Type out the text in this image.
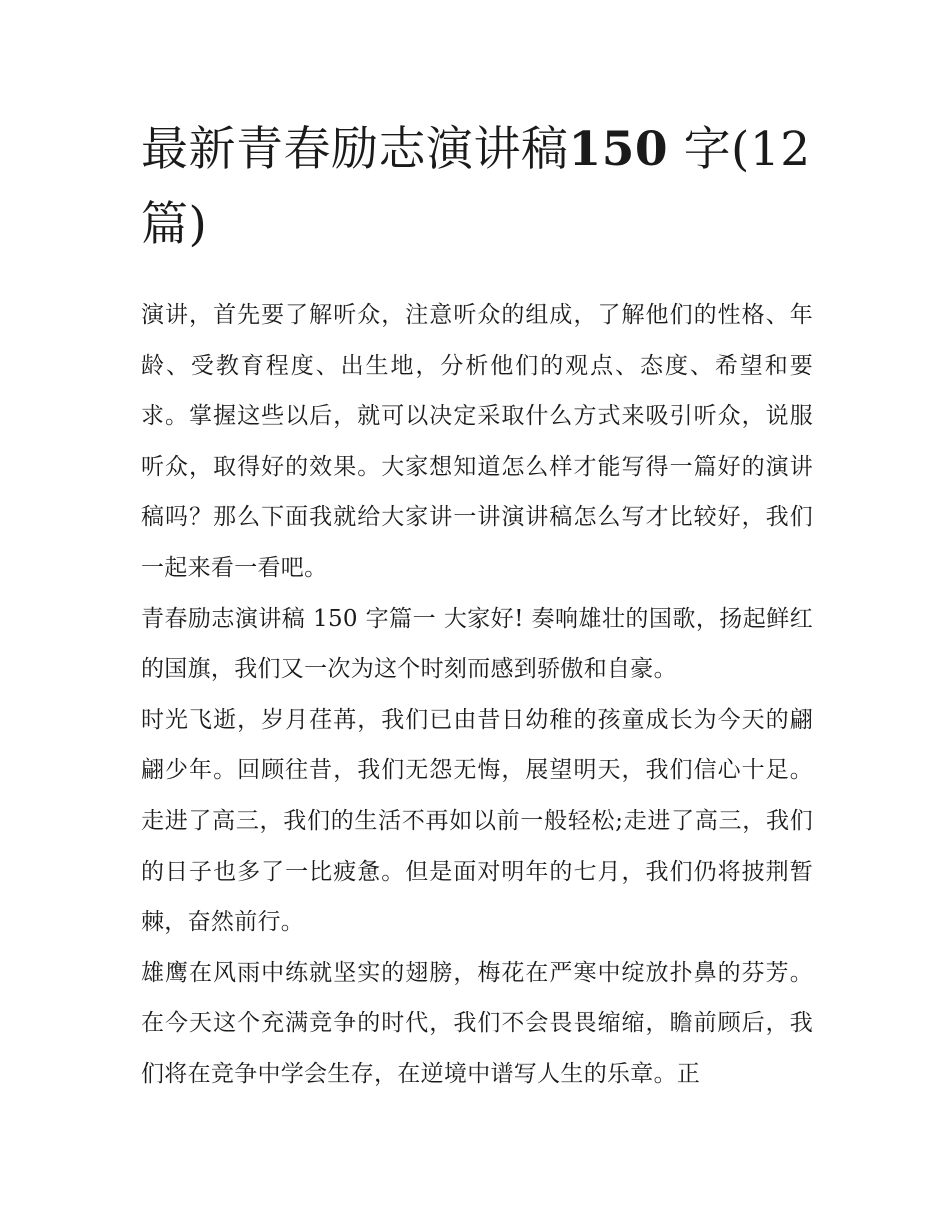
最新青春励志演讲稿150 字(12
篇)

演讲，首先要了解听众，注意听众的组成，了解他们的性格、年龄、受教育程度、出生地，分析他们的观点、态度、希望和要求。掌握这些以后，就可以决定采取什么方式来吸引听众，说服听众，取得好的效果。大家想知道怎么样才能写得一篇好的演讲稿吗？那么下面我就给大家讲一讲演讲稿怎么写才比较好，我们一起来看一看吧。

青春励志演讲稿 150 字篇一 大家好! 奏响雄壮的国歌，扬起鲜红的国旗，我们又一次为这个时刻而感到骄傲和自豪。

时光飞逝，岁月荏苒，我们已由昔日幼稚的孩童成长为今天的翩翩少年。回顾往昔，我们无怨无悔，展望明天，我们信心十足。走进了高三，我们的生活不再如以前一般轻松;走进了高三，我们的日子也多了一比疲惫。但是面对明年的七月，我们仍将披荆暂棘，奋然前行。

雄鹰在风雨中练就坚实的翅膀，梅花在严寒中绽放扑鼻的芬芳。在今天这个充满竞争的时代，我们不会畏畏缩缩，瞻前顾后，我们将在竞争中学会生存，在逆境中谱写人生的乐章。正
